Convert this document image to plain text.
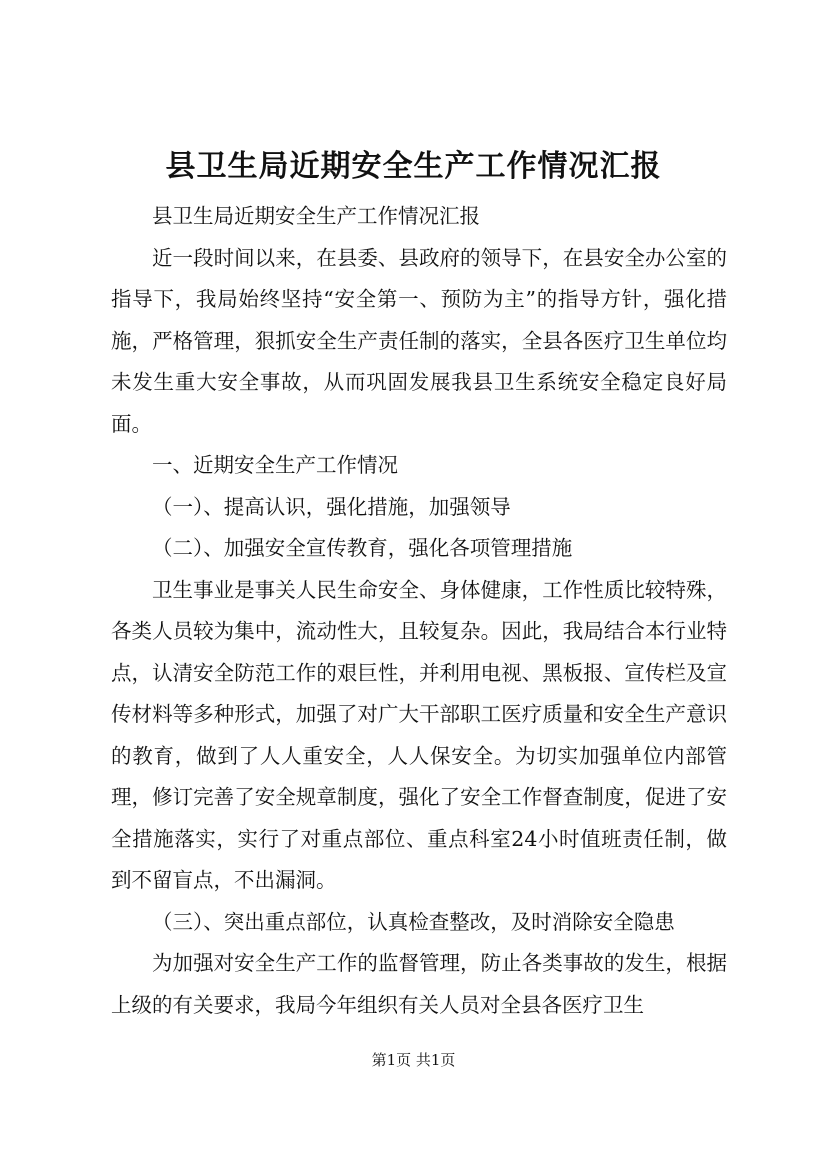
县卫生局近期安全生产工作情况汇报

县卫生局近期安全生产工作情况汇报

近一段时间以来，在县委、县政府的领导下，在县安全办公室的指导下，我局始终坚持“安全第一、预防为主”的指导方针，强化措施，严格管理，狠抓安全生产责任制的落实，全县各医疗卫生单位均未发生重大安全事故，从而巩固发展我县卫生系统安全稳定良好局面。

一、近期安全生产工作情况

（一）、提高认识，强化措施，加强领导

（二）、加强安全宣传教育，强化各项管理措施

卫生事业是事关人民生命安全、身体健康，工作性质比较特殊，各类人员较为集中，流动性大，且较复杂。因此，我局结合本行业特点，认清安全防范工作的艰巨性，并利用电视、黑板报、宣传栏及宣传材料等多种形式，加强了对广大干部职工医疗质量和安全生产意识的教育，做到了人人重安全，人人保安全。为切实加强单位内部管理，修订完善了安全规章制度，强化了安全工作督查制度，促进了安全措施落实，实行了对重点部位、重点科室24小时值班责任制，做到不留盲点，不出漏洞。

（三）、突出重点部位，认真检查整改，及时消除安全隐患

为加强对安全生产工作的监督管理，防止各类事故的发生，根据上级的有关要求，我局今年组织有关人员对全县各医疗卫生

第1页 共1页
